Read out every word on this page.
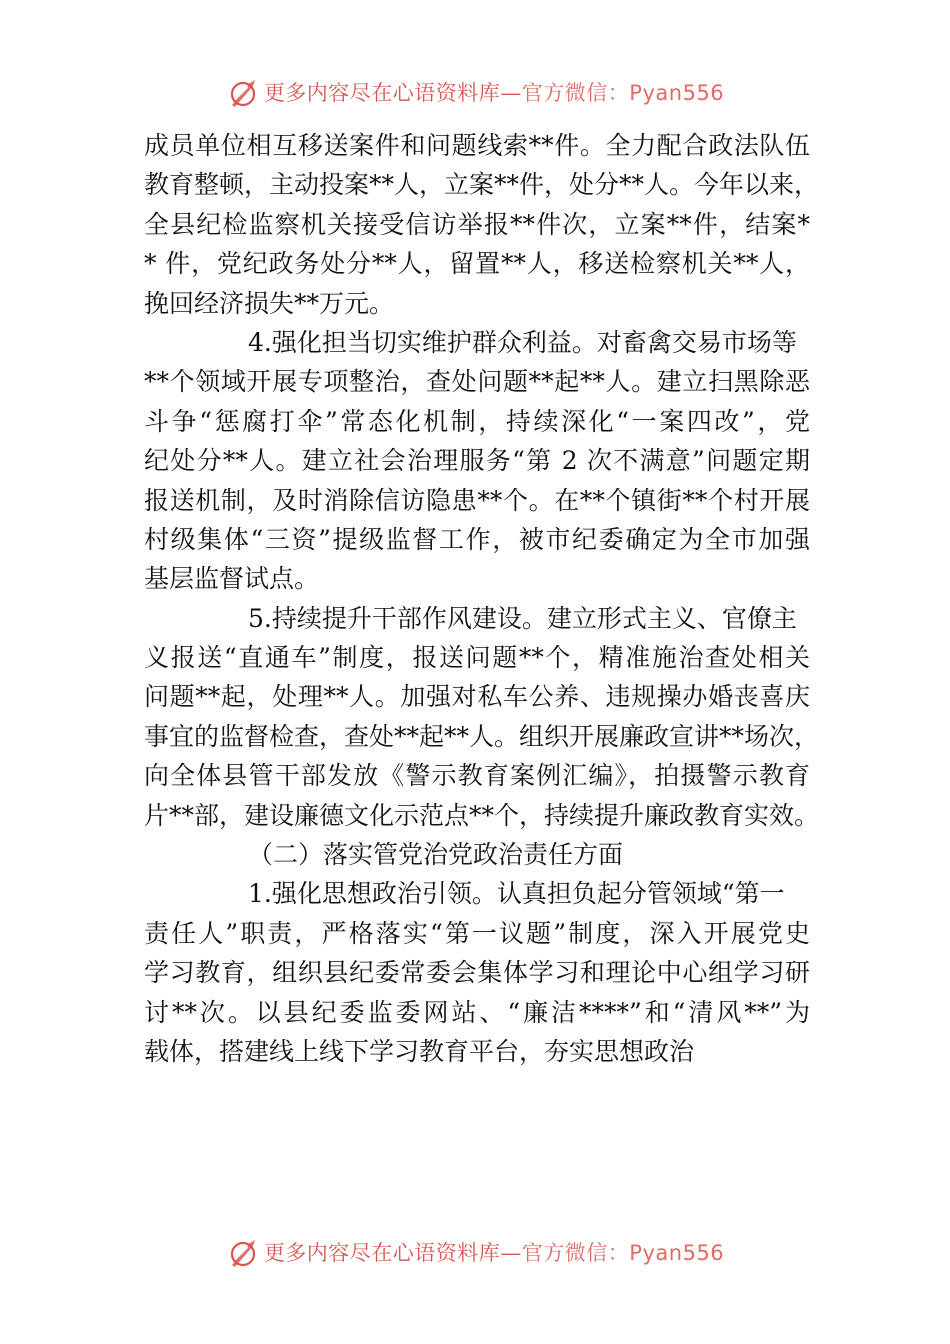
更多内容尽在心语资料库—官方微信：Pyan556
成员单位相互移送案件和问题线索**件。全力配合政法队伍
教育整顿，主动投案**人，立案**件，处分**人。今年以来，
全县纪检监察机关接受信访举报**件次，立案**件，结案*
* 件，党纪政务处分**人，留置**人，移送检察机关**人，
挽回经济损失**万元。
4.强化担当切实维护群众利益。对畜禽交易市场等
**个领域开展专项整治，查处问题**起**人。建立扫黑除恶
斗争“惩腐打伞”常态化机制，持续深化“一案四改”，党
纪处分**人。建立社会治理服务“第 2 次不满意”问题定期
报送机制，及时消除信访隐患**个。在**个镇街**个村开展
村级集体“三资”提级监督工作，被市纪委确定为全市加强
基层监督试点。
5.持续提升干部作风建设。建立形式主义、官僚主
义报送“直通车”制度，报送问题**个，精准施治查处相关
问题**起，处理**人。加强对私车公养、违规操办婚丧喜庆
事宜的监督检查，查处**起**人。组织开展廉政宣讲**场次，
向全体县管干部发放《警示教育案例汇编》，拍摄警示教育
片**部，建设廉德文化示范点**个，持续提升廉政教育实效。
（二）落实管党治党政治责任方面
1.强化思想政治引领。认真担负起分管领域“第一
责任人”职责，严格落实“第一议题”制度，深入开展党史
学习教育，组织县纪委常委会集体学习和理论中心组学习研
讨**次。以县纪委监委网站、“廉洁****”和“清风**”为
载体，搭建线上线下学习教育平台，夯实思想政治
更多内容尽在心语资料库—官方微信：Pyan556
